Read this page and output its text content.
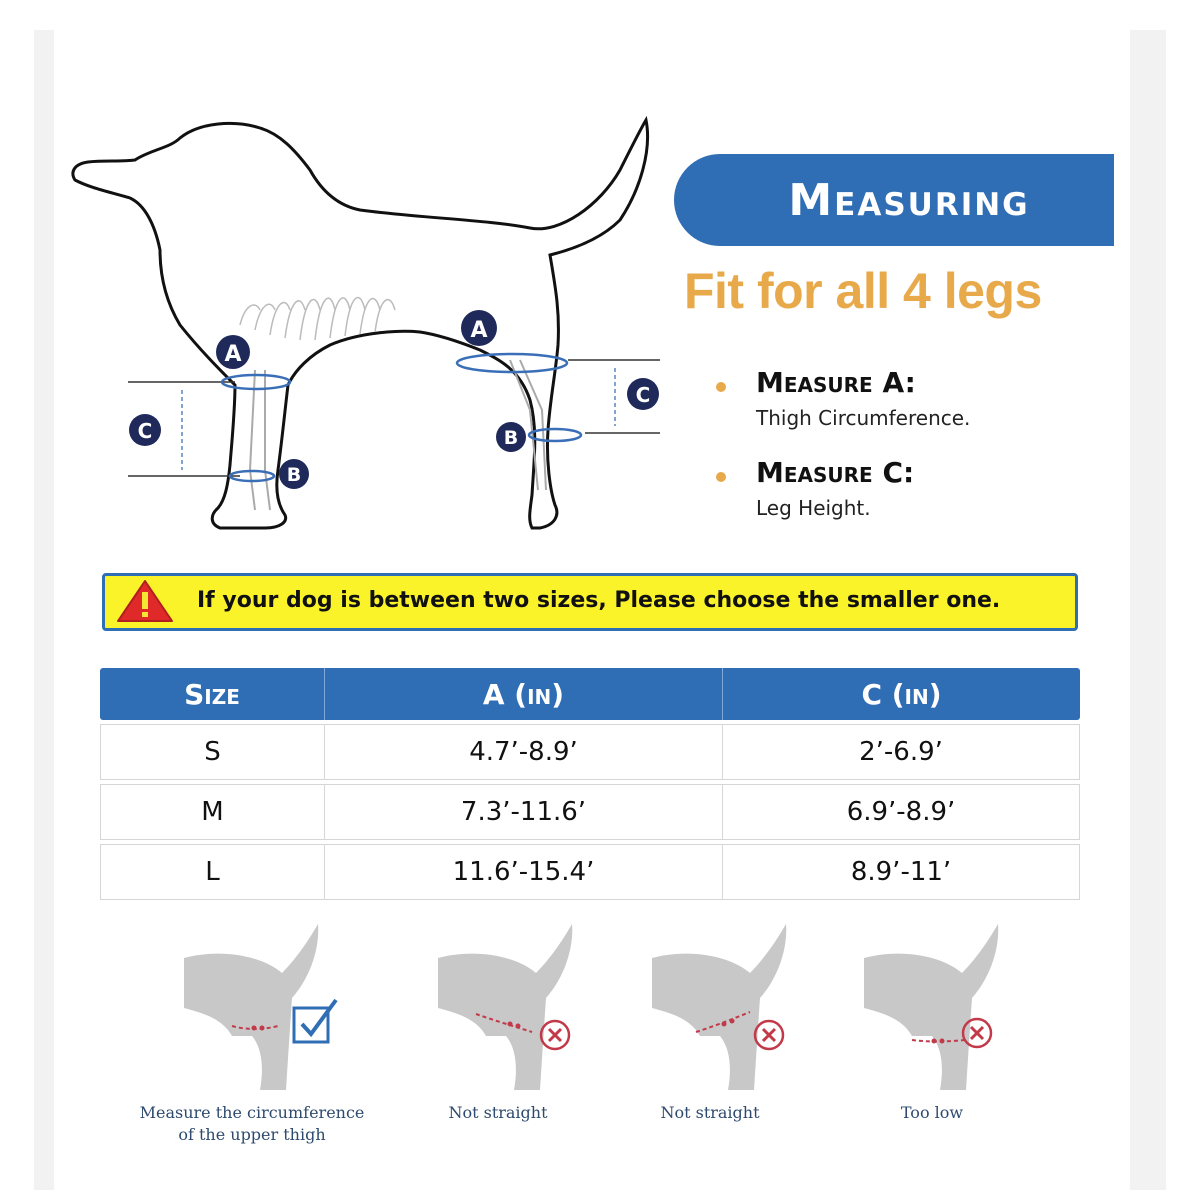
A
C
B
A
B
C
Measuring
Fit for all 4 legs
Measure A:
Thigh Circumference.
Measure C:
Leg Height.
If your dog is between two sizes, Please choose the smaller one.
Size	A (in)	C (in)
S	4.7’-8.9’	2’-6.9’
M	7.3’-11.6’	6.9’-8.9’
L	11.6’-15.4’	8.9’-11’
Measure the circumference
of the upper thigh
Not straight	Not straight	Too low
